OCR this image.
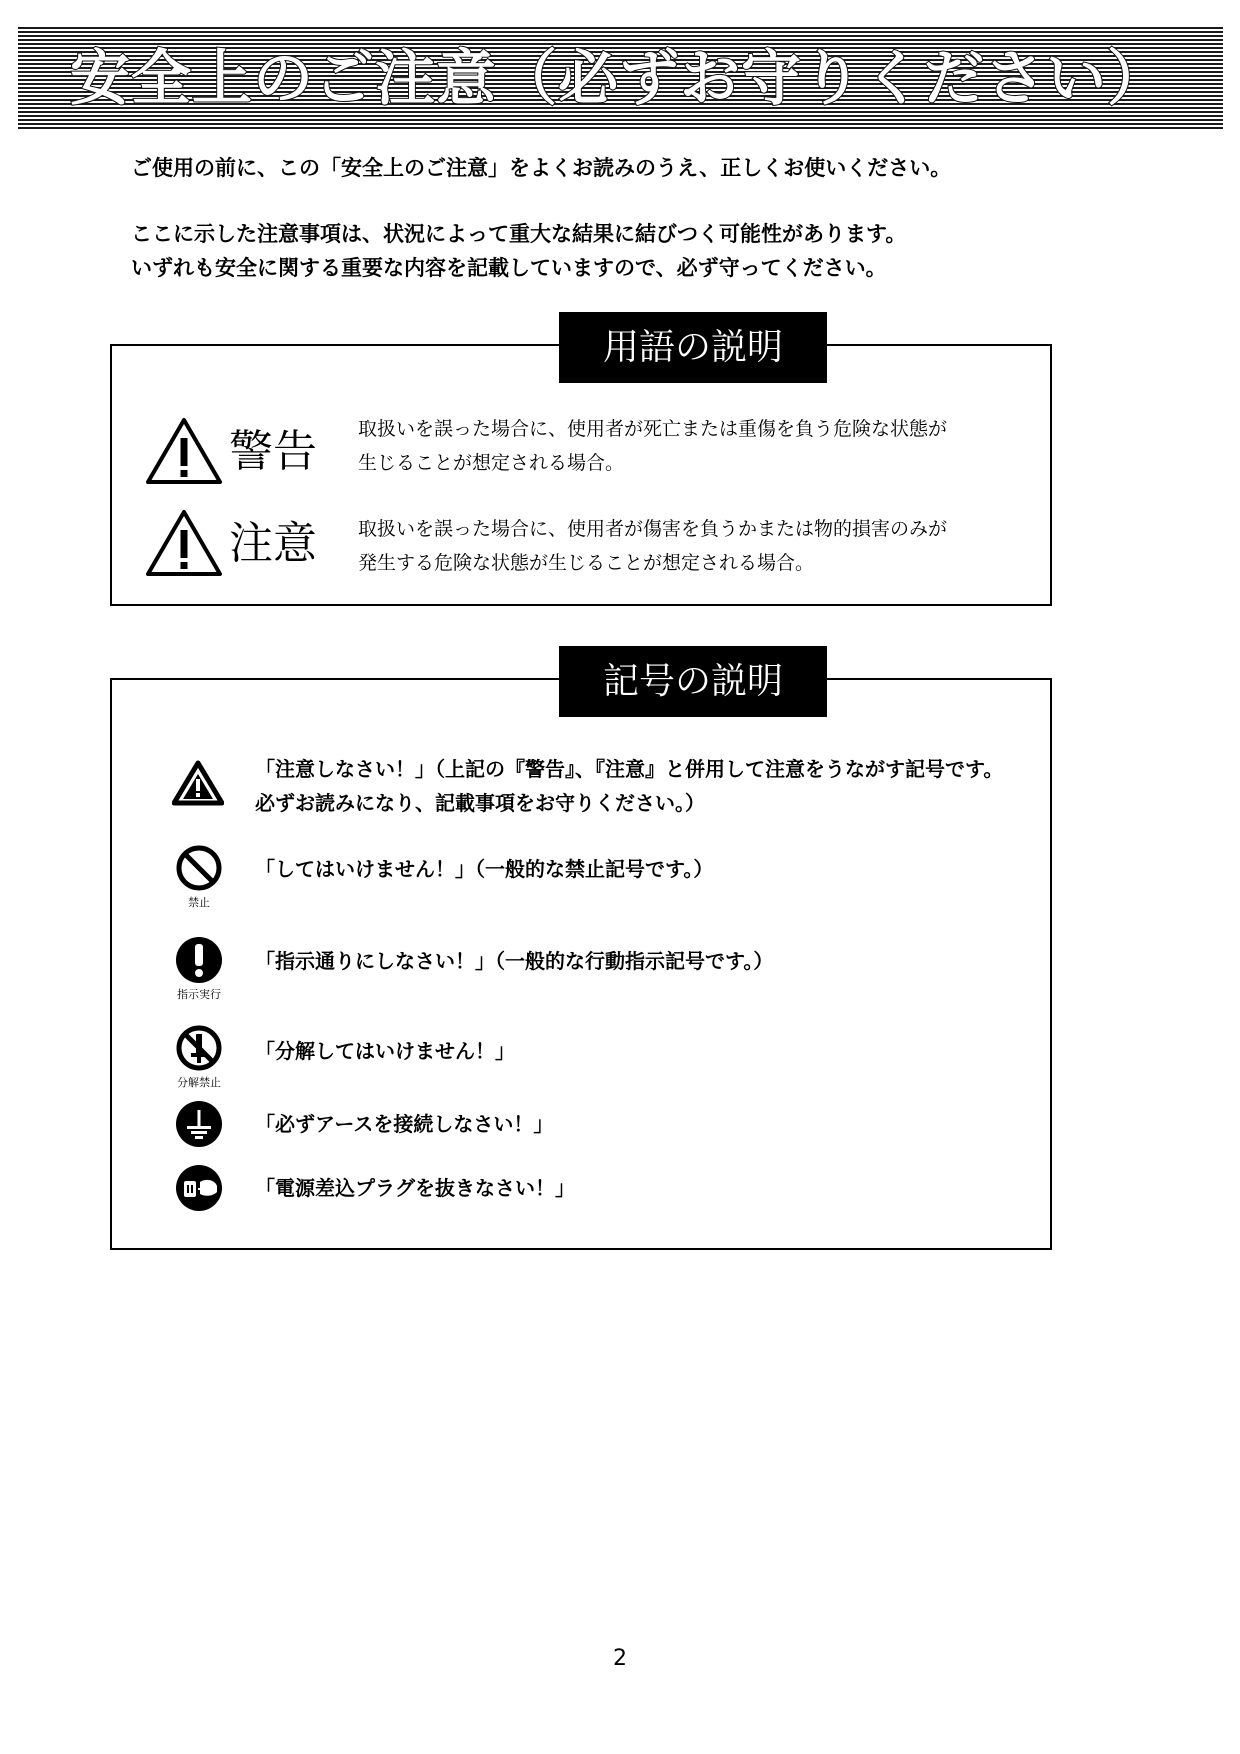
安全上のご注意（必ずお守りください）
ご使用の前に、この「安全上のご注意」をよくお読みのうえ、正しくお使いください。
ここに示した注意事項は、状況によって重大な結果に結びつく可能性があります。
いずれも安全に関する重要な内容を記載していますので、必ず守ってください。
用語の説明
警告 取扱いを誤った場合に、使用者が死亡または重傷を負う危険な状態が
生じることが想定される場合。
注意 取扱いを誤った場合に、使用者が傷害を負うかまたは物的損害のみが
発生する危険な状態が生じることが想定される場合。
記号の説明
「注意しなさい！」（上記の『警告』、『注意』と併用して注意をうながす記号です。
必ずお読みになり、記載事項をお守りください。）
禁止
「してはいけません！」（一般的な禁止記号です。）
指示実行
「指示通りにしなさい！」（一般的な行動指示記号です。）
分解禁止
「分解してはいけません！」
「必ずアースを接続しなさい！」
「電源差込プラグを抜きなさい！」
2
